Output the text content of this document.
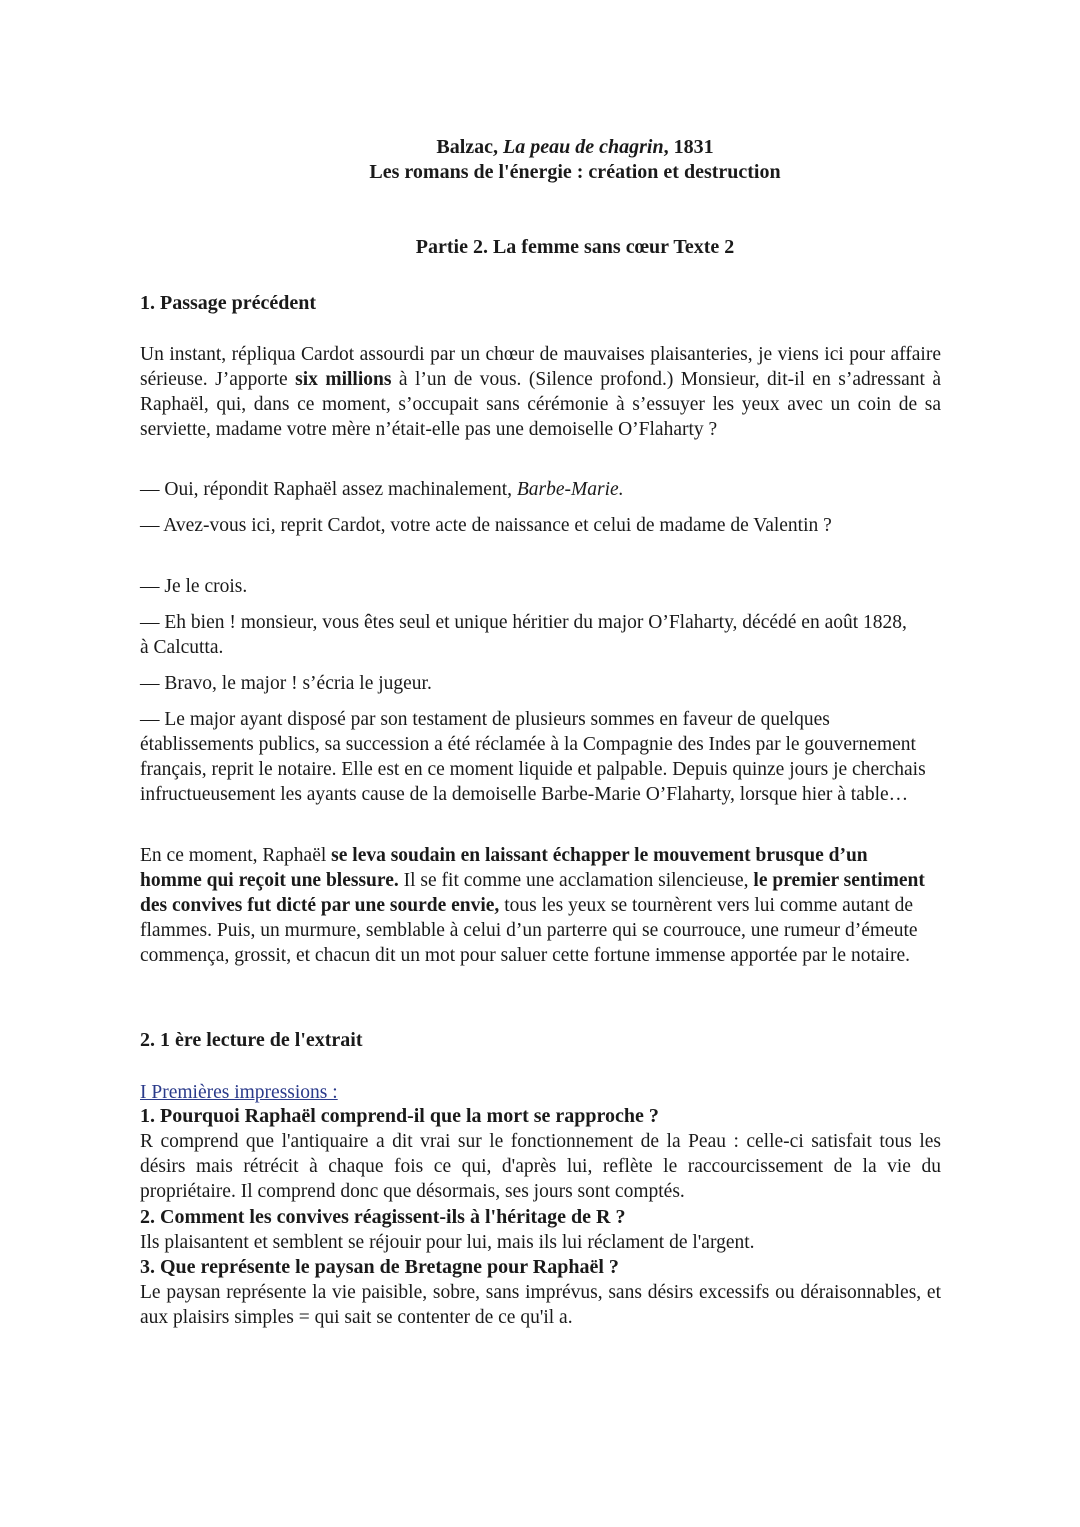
Balzac, La peau de chagrin, 1831
Les romans de l'énergie : création et destruction
Partie 2. La femme sans cœur Texte 2
1. Passage précédent

Un instant, répliqua Cardot assourdi par un chœur de mauvaises plaisanteries, je viens ici pour affaire sérieuse. J’apporte six millions à l’un de vous. (Silence profond.) Monsieur, dit-il en s’adressant à Raphaël, qui, dans ce moment, s’occupait sans cérémonie à s’essuyer les yeux avec un coin de sa serviette, madame votre mère n’était-elle pas une demoiselle O’Flaharty ?

— Oui, répondit Raphaël assez machinalement, Barbe-Marie.

— Avez-vous ici, reprit Cardot, votre acte de naissance et celui de madame de Valentin ?

— Je le crois.

— Eh bien ! monsieur, vous êtes seul et unique héritier du major O’Flaharty, décédé en août 1828, à Calcutta.

— Bravo, le major ! s’écria le jugeur.

— Le major ayant disposé par son testament de plusieurs sommes en faveur de quelques établissements publics, sa succession a été réclamée à la Compagnie des Indes par le gouvernement français, reprit le notaire. Elle est en ce moment liquide et palpable. Depuis quinze jours je cherchais infructueusement les ayants cause de la demoiselle Barbe-Marie O’Flaharty, lorsque hier à table…

En ce moment, Raphaël se leva soudain en laissant échapper le mouvement brusque d’un homme qui reçoit une blessure. Il se fit comme une acclamation silencieuse, le premier sentiment des convives fut dicté par une sourde envie, tous les yeux se tournèrent vers lui comme autant de flammes. Puis, un murmure, semblable à celui d’un parterre qui se courrouce, une rumeur d’émeute commença, grossit, et chacun dit un mot pour saluer cette fortune immense apportée par le notaire.

2. 1 ère lecture de l'extrait

I Premières impressions :

1. Pourquoi Raphaël comprend-il que la mort se rapproche ?

R comprend que l'antiquaire a dit vrai sur le fonctionnement de la Peau : celle-ci satisfait tous les désirs mais rétrécit à chaque fois ce qui, d'après lui, reflète le raccourcissement de la vie du propriétaire. Il comprend donc que désormais, ses jours sont comptés.

2. Comment les convives réagissent-ils à l'héritage de R ?

Ils plaisantent et semblent se réjouir pour lui, mais ils lui réclament de l'argent.

3. Que représente le paysan de Bretagne pour Raphaël ?

Le paysan représente la vie paisible, sobre, sans imprévus, sans désirs excessifs ou déraisonnables, et aux plaisirs simples = qui sait se contenter de ce qu'il a.
